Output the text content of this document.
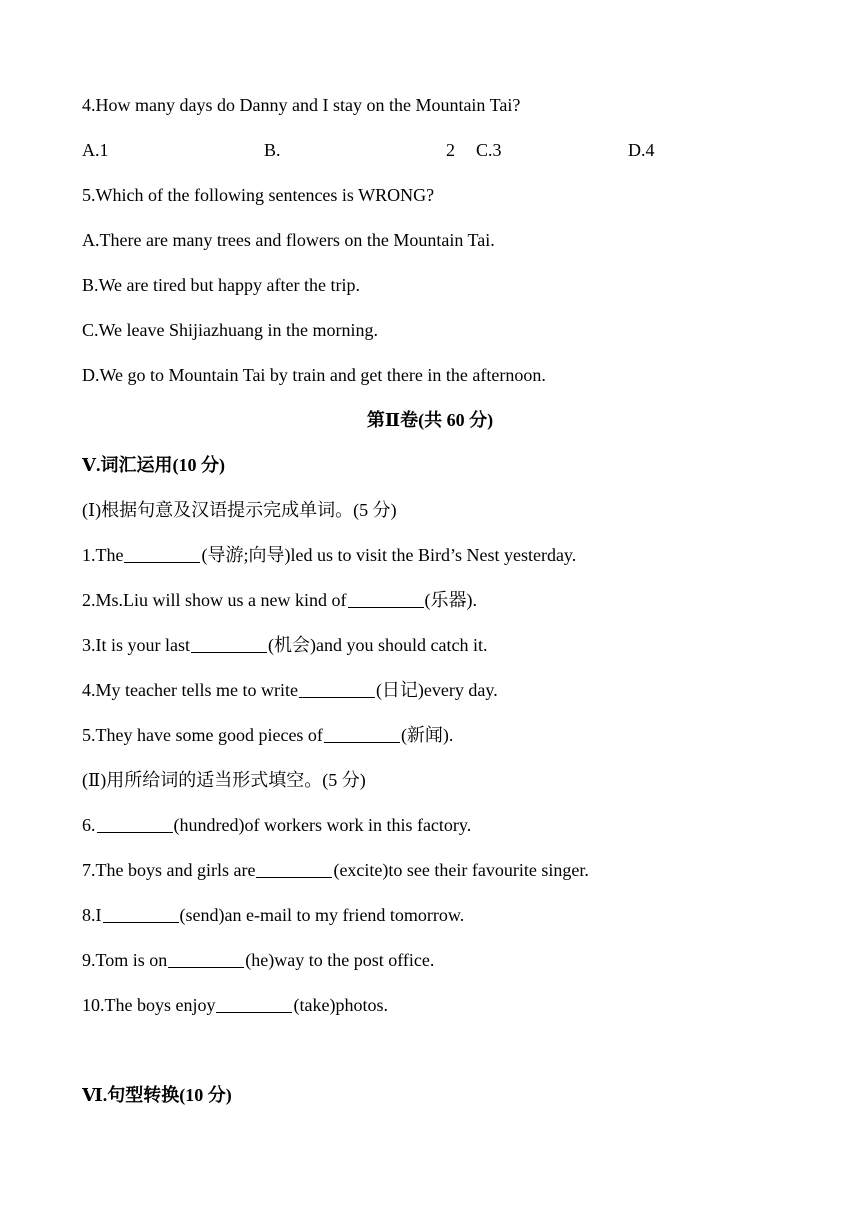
4.How many days do Danny and I stay on the Mountain Tai?
A.1	B.	2 C.3	D.4
5.Which of the following sentences is WRONG?
A.There are many trees and flowers on the Mountain Tai.
B.We are tired but happy after the trip.
C.We leave Shijiazhuang in the morning.
D.We go to Mountain Tai by train and get there in the afternoon.
第Ⅱ卷(共 60 分)
Ⅴ.词汇运用(10 分)
(Ⅰ)根据句意及汉语提示完成单词。(5 分)
1.The	(导游;向导)led us to visit the Bird’s Nest yesterday.
2.Ms.Liu will show us a new kind of	(乐器).
3.It is your last	(机会)and you should catch it.
4.My teacher tells me to write	(日记)every day.
5.They have some good pieces of	(新闻).
(Ⅱ)用所给词的适当形式填空。(5 分)
6.	(hundred)of workers work in this factory.
7.The boys and girls are	(excite)to see their favourite singer.
8.I	(send)an e-mail to my friend tomorrow.
9.Tom is on	(he)way to the post office.
10.The boys enjoy	(take)photos.
Ⅵ.句型转换(10 分)
